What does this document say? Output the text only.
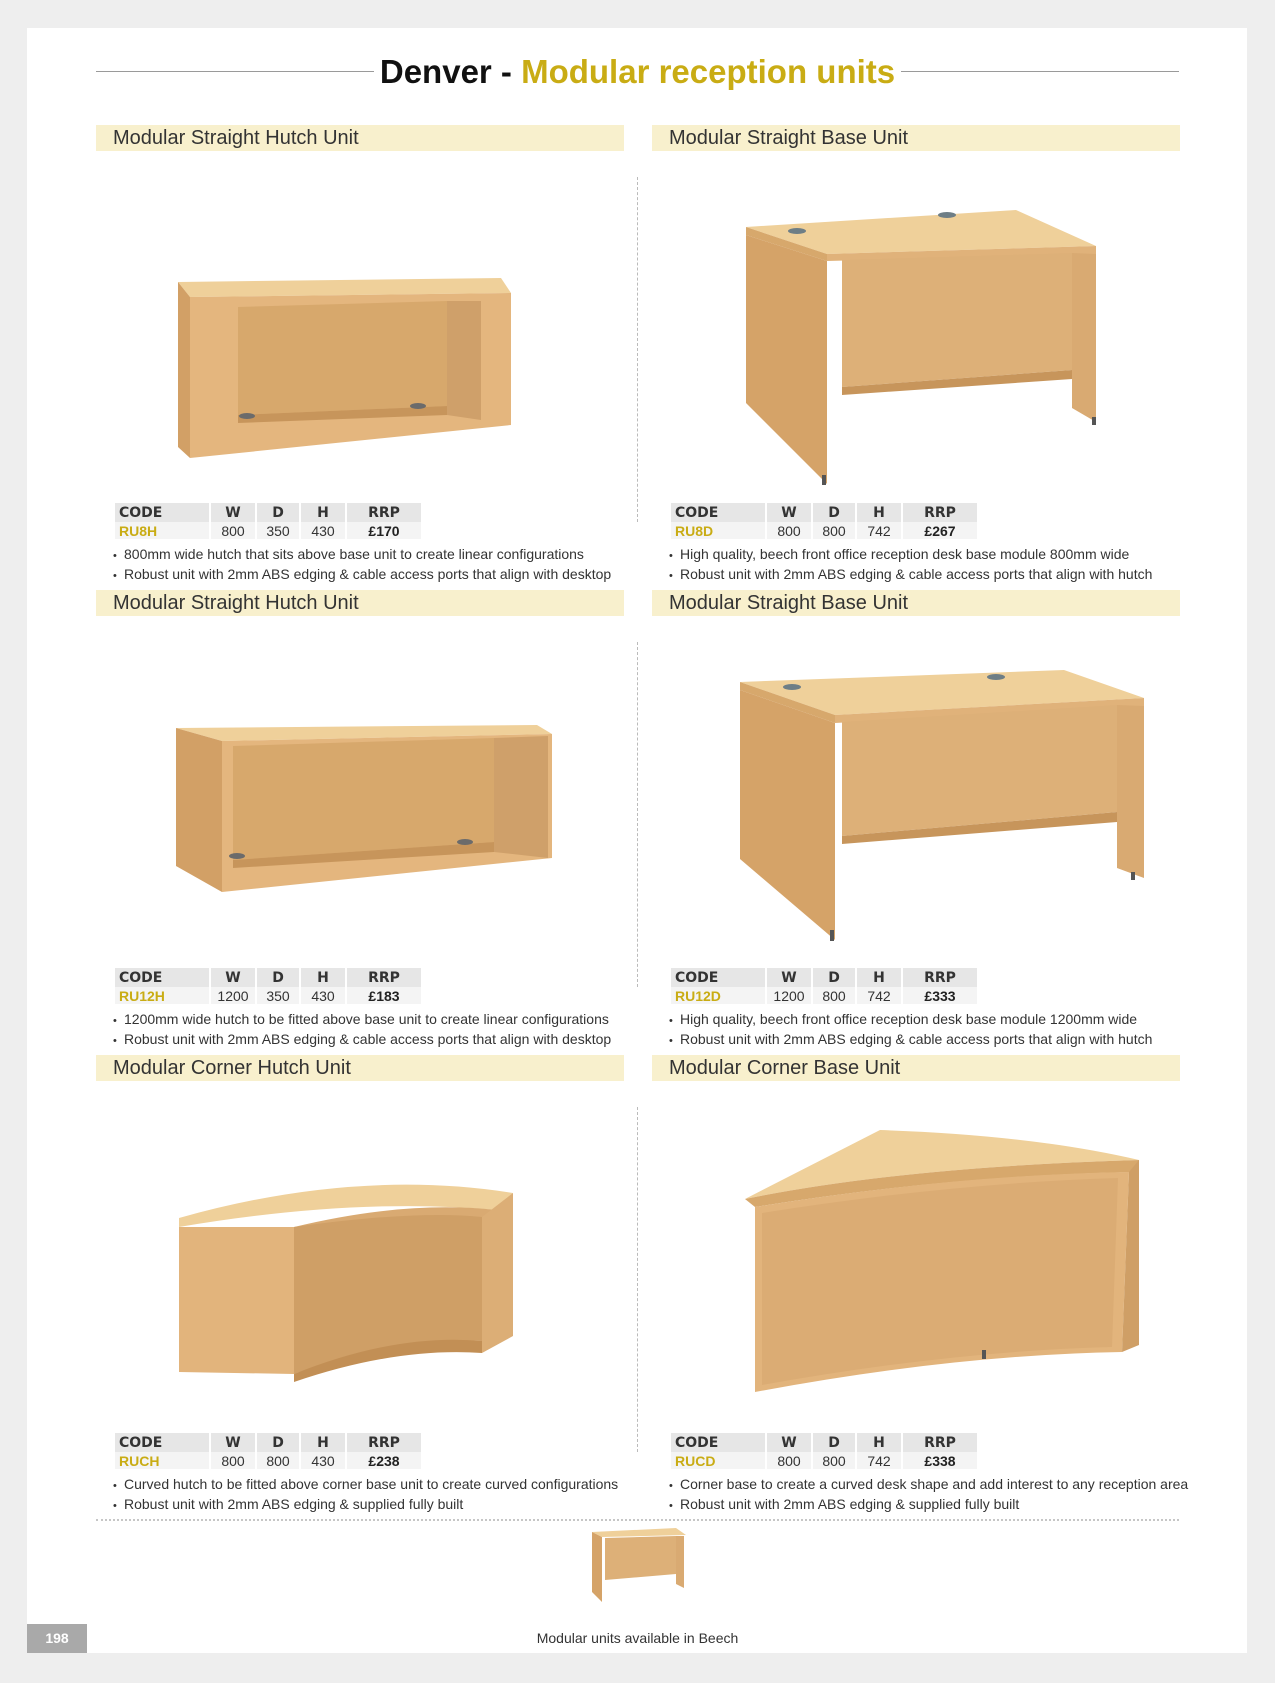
Denver - Modular reception units
Modular Straight Hutch Unit
CODE	W	D	H	RRP
RU8H	800	350	430	£170
• 800mm wide hutch that sits above base unit to create linear configurations
• Robust unit with 2mm ABS edging & cable access ports that align with desktop
Modular Straight Base Unit
CODE	W	D	H	RRP
RU8D	800	800	742	£267
• High quality, beech front office reception desk base module 800mm wide
• Robust unit with 2mm ABS edging & cable access ports that align with hutch
Modular Straight Hutch Unit
CODE	W	D	H	RRP
RU12H	1200	350	430	£183
• 1200mm wide hutch to be fitted above base unit to create linear configurations
• Robust unit with 2mm ABS edging & cable access ports that align with desktop
Modular Straight Base Unit
CODE	W	D	H	RRP
RU12D	1200	800	742	£333
• High quality, beech front office reception desk base module 1200mm wide
• Robust unit with 2mm ABS edging & cable access ports that align with hutch
Modular Corner Hutch Unit
CODE	W	D	H	RRP
RUCH	800	800	430	£238
• Curved hutch to be fitted above corner base unit to create curved configurations
• Robust unit with 2mm ABS edging & supplied fully built
Modular Corner Base Unit
CODE	W	D	H	RRP
RUCD	800	800	742	£338
• Corner base to create a curved desk shape and add interest to any reception area
• Robust unit with 2mm ABS edging & supplied fully built
198	Modular units available in Beech
